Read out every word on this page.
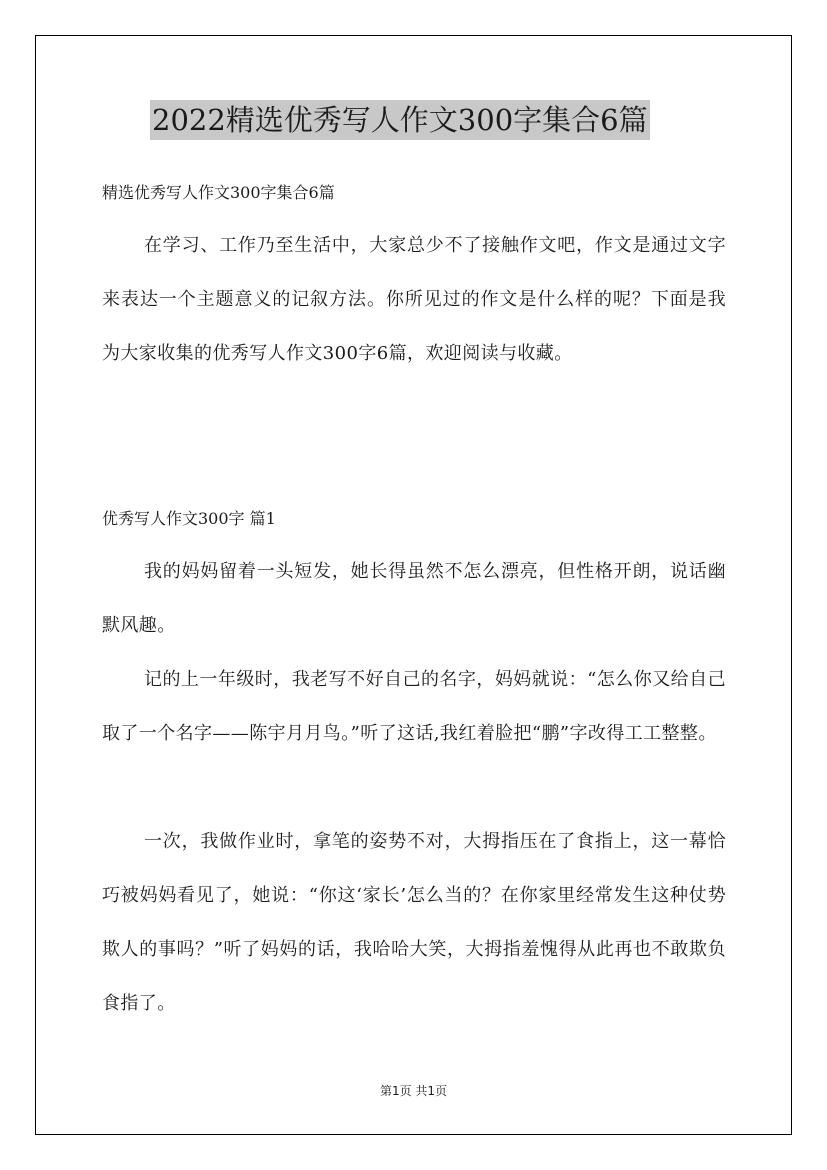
2022精选优秀写人作文300字集合6篇
精选优秀写人作文300字集合6篇

在学习、工作乃至生活中，大家总少不了接触作文吧，作文是通过文字来表达一个主题意义的记叙方法。你所见过的作文是什么样的呢？下面是我为大家收集的优秀写人作文300字6篇，欢迎阅读与收藏。

优秀写人作文300字 篇1

我的妈妈留着一头短发，她长得虽然不怎么漂亮，但性格开朗，说话幽默风趣。

记的上一年级时，我老写不好自己的名字，妈妈就说：“怎么你又给自己取了一个名字——陈宇月月鸟。”听了这话,我红着脸把“鹏”字改得工工整整。

一次，我做作业时，拿笔的姿势不对，大拇指压在了食指上，这一幕恰巧被妈妈看见了，她说：“你这‘家长’怎么当的？在你家里经常发生这种仗势欺人的事吗？”听了妈妈的话，我哈哈大笑，大拇指羞愧得从此再也不敢欺负食指了。

第1页 共1页
